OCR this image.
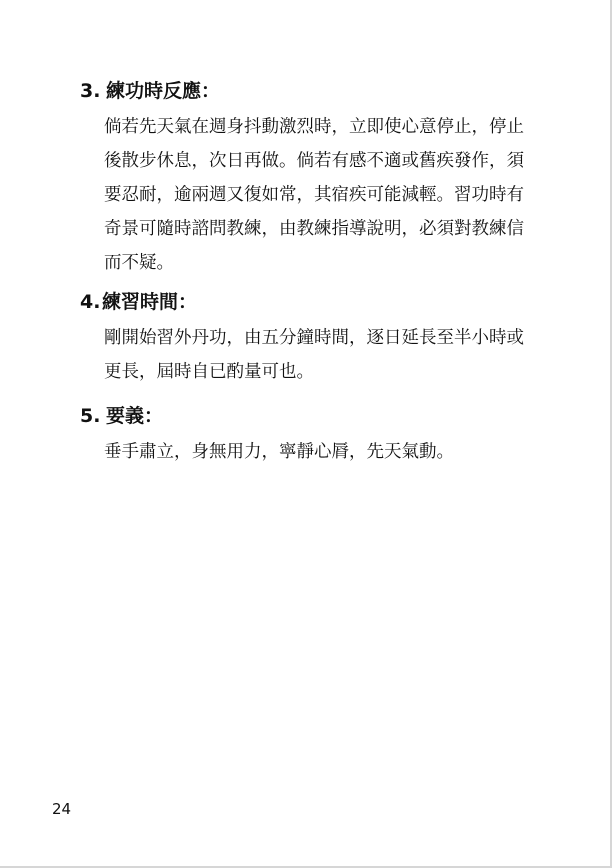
3. 練功時反應：
倘若先天氣在週身抖動激烈時，立即使心意停止，停止
後散步休息，次日再做。倘若有感不適或舊疾發作，須
要忍耐，逾兩週又復如常，其宿疾可能減輕。習功時有
奇景可隨時諮問教練，由教練指導說明，必須對教練信
而不疑。
4.練習時間：
剛開始習外丹功，由五分鐘時間，逐日延長至半小時或
更長，屆時自已酌量可也。
5. 要義：
垂手肅立，身無用力，寧靜心脣，先天氣動。
24
